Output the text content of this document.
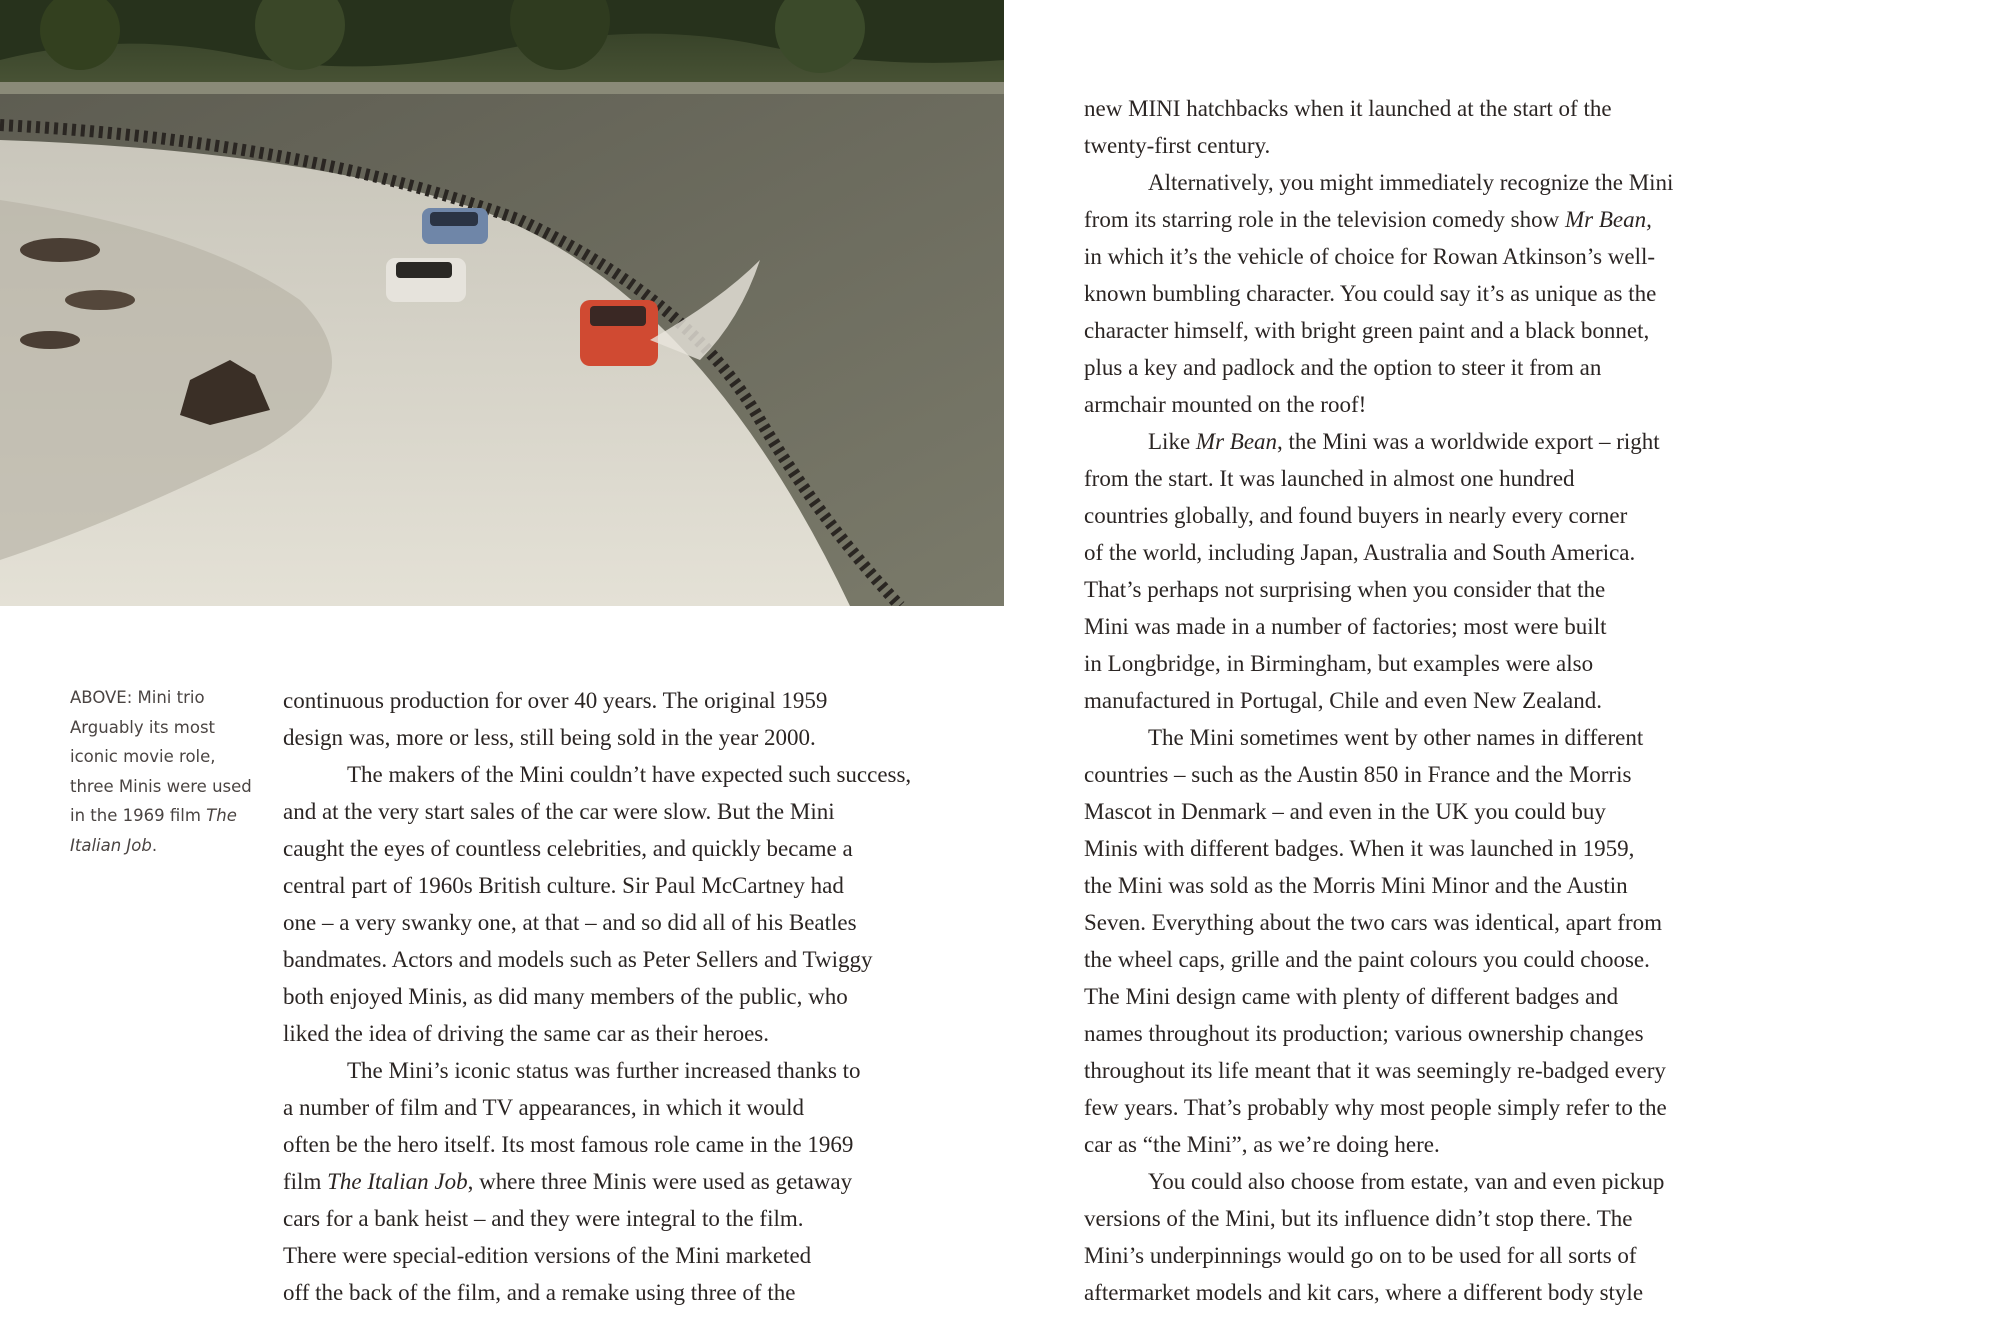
ABOVE: Mini trio
Arguably its most
iconic movie role,
three Minis were used
in the 1969 film The
Italian Job.

continuous production for over 40 years. The original 1959
design was, more or less, still being sold in the year 2000.

The makers of the Mini couldn’t have expected such success,
and at the very start sales of the car were slow. But the Mini
caught the eyes of countless celebrities, and quickly became a
central part of 1960s British culture. Sir Paul McCartney had
one – a very swanky one, at that – and so did all of his Beatles
bandmates. Actors and models such as Peter Sellers and Twiggy
both enjoyed Minis, as did many members of the public, who
liked the idea of driving the same car as their heroes.

The Mini’s iconic status was further increased thanks to
a number of film and TV appearances, in which it would
often be the hero itself. Its most famous role came in the 1969
film The Italian Job, where three Minis were used as getaway
cars for a bank heist – and they were integral to the film.
There were special-edition versions of the Mini marketed
off the back of the film, and a remake using three of the

new MINI hatchbacks when it launched at the start of the
twenty-first century.

Alternatively, you might immediately recognize the Mini
from its starring role in the television comedy show Mr Bean,
in which it’s the vehicle of choice for Rowan Atkinson’s well-
known bumbling character. You could say it’s as unique as the
character himself, with bright green paint and a black bonnet,
plus a key and padlock and the option to steer it from an
armchair mounted on the roof!

Like Mr Bean, the Mini was a worldwide export – right
from the start. It was launched in almost one hundred
countries globally, and found buyers in nearly every corner
of the world, including Japan, Australia and South America.
That’s perhaps not surprising when you consider that the
Mini was made in a number of factories; most were built
in Longbridge, in Birmingham, but examples were also
manufactured in Portugal, Chile and even New Zealand.

The Mini sometimes went by other names in different
countries – such as the Austin 850 in France and the Morris
Mascot in Denmark – and even in the UK you could buy
Minis with different badges. When it was launched in 1959,
the Mini was sold as the Morris Mini Minor and the Austin
Seven. Everything about the two cars was identical, apart from
the wheel caps, grille and the paint colours you could choose.
The Mini design came with plenty of different badges and
names throughout its production; various ownership changes
throughout its life meant that it was seemingly re-badged every
few years. That’s probably why most people simply refer to the
car as “the Mini”, as we’re doing here.

You could also choose from estate, van and even pickup
versions of the Mini, but its influence didn’t stop there. The
Mini’s underpinnings would go on to be used for all sorts of
aftermarket models and kit cars, where a different body style
